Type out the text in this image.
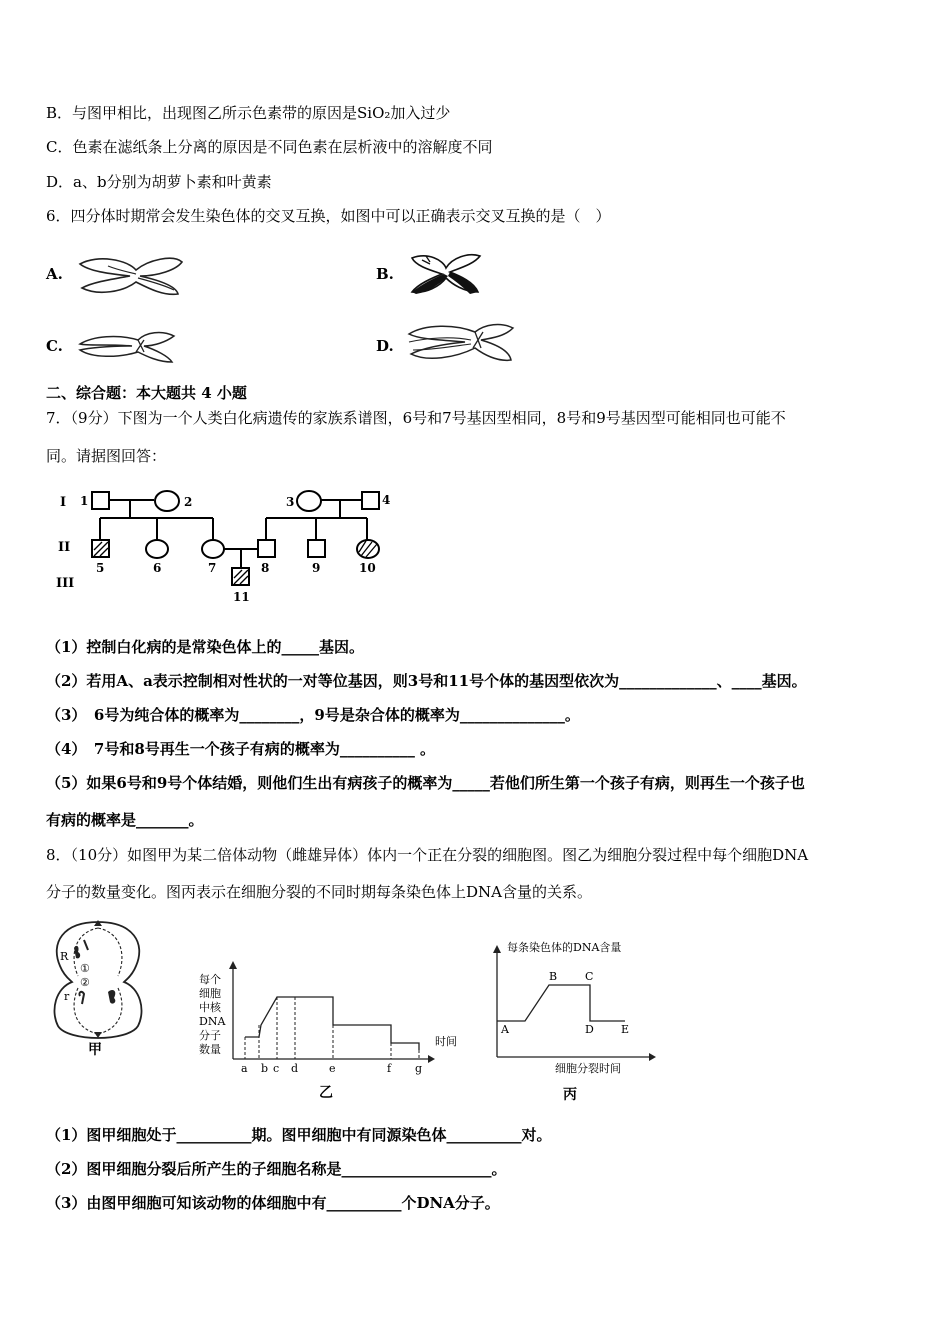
B．与图甲相比，出现图乙所示色素带的原因是SiO₂加入过少
C．色素在滤纸条上分离的原因是不同色素在层析液中的溶解度不同
D．a、b分别为胡萝卜素和叶黄素
6．四分体时期常会发生染色体的交叉互换，如图中可以正确表示交叉互换的是（　）
A.	B.
C.	D.
二、综合题：本大题共 4 小题
7．（9分）下图为一个人类白化病遗传的家族系谱图，6号和7号基因型相同，8号和9号基因型可能相同也可能不
同。请据图回答：
I
II
III
1	2	3	4
5	6	7	8	9	10
11
（1）控制白化病的是常染色体上的_____基因。
（2）若用A、a表示控制相对性状的一对等位基因，则3号和11号个体的基因型依次为_____________、____基因。
（3）　6号为纯合体的概率为________，9号是杂合体的概率为______________。
（4）　7号和8号再生一个孩子有病的概率为__________ 。
（5）如果6号和9号个体结婚，则他们生出有病孩子的概率为_____若他们所生第一个孩子有病，则再生一个孩子也
有病的概率是_______。
8．（10分）如图甲为某二倍体动物（雌雄异体）体内一个正在分裂的细胞图。图乙为细胞分裂过程中每个细胞DNA
分子的数量变化。图丙表示在细胞分裂的不同时期每条染色体上DNA含量的关系。
R
①
②
r
甲
每个
细胞
中核
DNA
分子
数量
时间
a b c d	e	f g
乙
每条染色体的DNA含量
A
B	C
D E
细胞分裂时间
丙
（1）图甲细胞处于__________期。图甲细胞中有同源染色体__________对。
（2）图甲细胞分裂后所产生的子细胞名称是____________________。
（3）由图甲细胞可知该动物的体细胞中有__________个DNA分子。
